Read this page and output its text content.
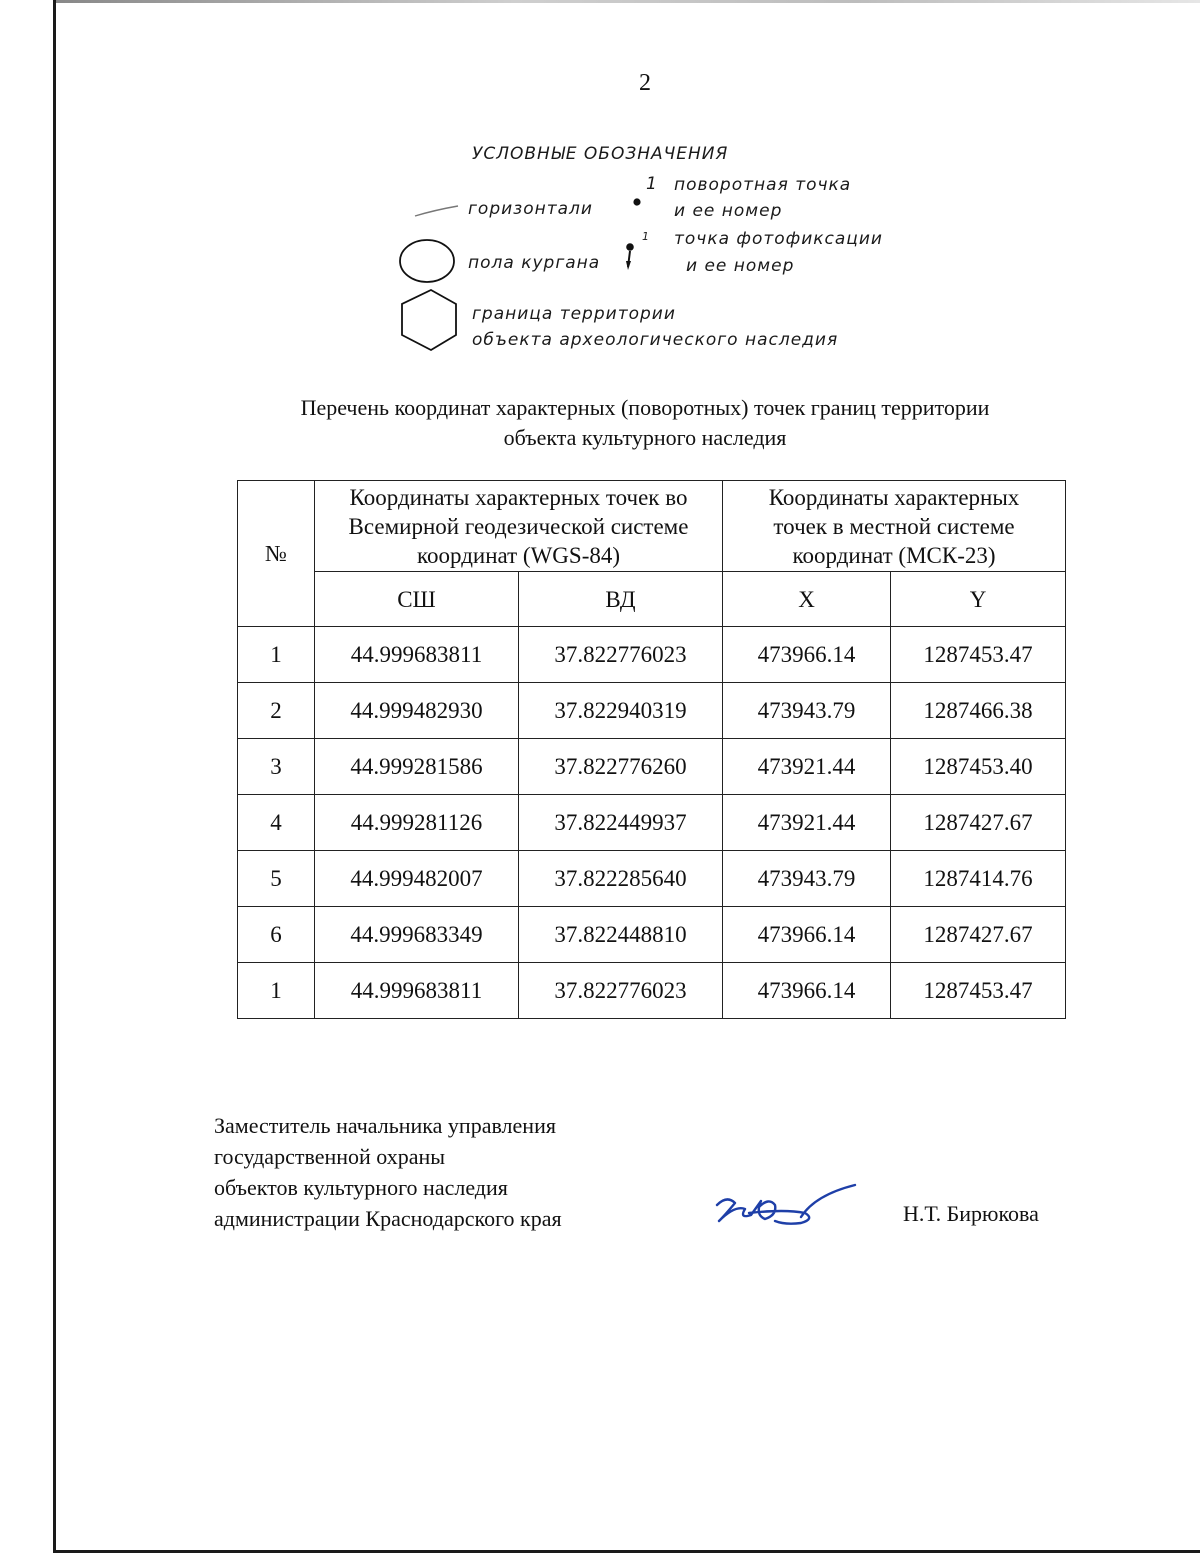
2
УСЛОВНЫЕ ОБОЗНАЧЕНИЯ
1 поворотная точка
и ее номер
горизонтали
1 точка фотофиксации
и ее номер
пола кургана
граница территории
объекта археологического наследия
Перечень координат характерных (поворотных) точек границ территории
объекта культурного наследия
№	Координаты характерных точек во Всемирной геодезической системе координат (WGS-84)		Координаты характерных точек в местной системе координат (МСК-23)	
	СШ	ВД	X	Y
1	44.999683811	37.822776023	473966.14	1287453.47
2	44.999482930	37.822940319	473943.79	1287466.38
3	44.999281586	37.822776260	473921.44	1287453.40
4	44.999281126	37.822449937	473921.44	1287427.67
5	44.999482007	37.822285640	473943.79	1287414.76
6	44.999683349	37.822448810	473966.14	1287427.67
1	44.999683811	37.822776023	473966.14	1287453.47
Заместитель начальника управления
государственной охраны
объектов культурного наследия
администрации Краснодарского края	Н.Т. Бирюкова
